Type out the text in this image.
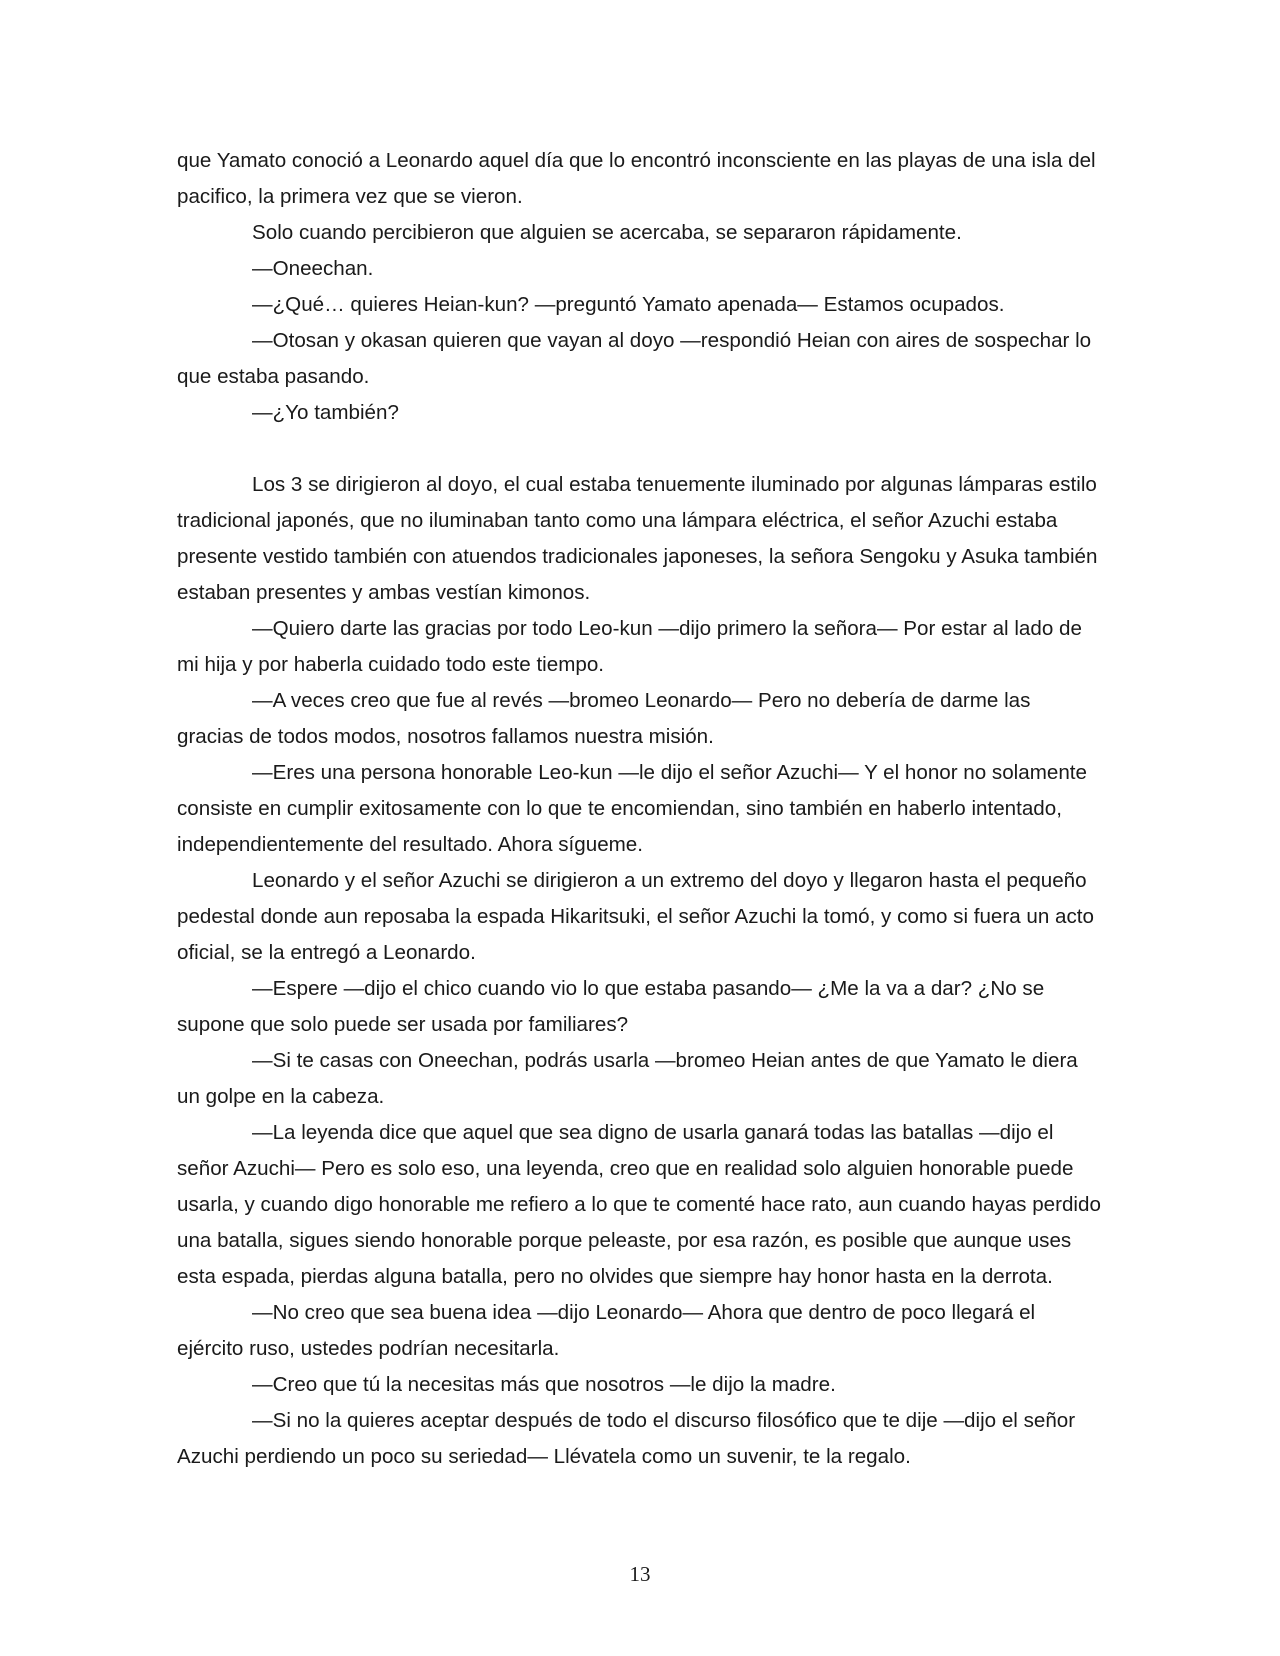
que Yamato conoció a Leonardo aquel día que lo encontró inconsciente en las playas de una isla del pacifico, la primera vez que se vieron.

Solo cuando percibieron que alguien se acercaba, se separaron rápidamente.

—Oneechan.

—¿Qué… quieres Heian-kun? —preguntó Yamato apenada— Estamos ocupados.

—Otosan y okasan quieren que vayan al doyo —respondió Heian con aires de sospechar lo que estaba pasando.

—¿Yo también?

Los 3 se dirigieron al doyo, el cual estaba tenuemente iluminado por algunas lámparas estilo tradicional japonés, que no iluminaban tanto como una lámpara eléctrica, el señor Azuchi estaba presente vestido también con atuendos tradicionales japoneses, la señora Sengoku y Asuka también estaban presentes y ambas vestían kimonos.

—Quiero darte las gracias por todo Leo-kun —dijo primero la señora— Por estar al lado de mi hija y por haberla cuidado todo este tiempo.

—A veces creo que fue al revés —bromeo Leonardo— Pero no debería de darme las gracias de todos modos, nosotros fallamos nuestra misión.

—Eres una persona honorable Leo-kun —le dijo el señor Azuchi— Y el honor no solamente consiste en cumplir exitosamente con lo que te encomiendan, sino también en haberlo intentado, independientemente del resultado. Ahora sígueme.

Leonardo y el señor Azuchi se dirigieron a un extremo del doyo y llegaron hasta el pequeño pedestal donde aun reposaba la espada Hikaritsuki, el señor Azuchi la tomó, y como si fuera un acto oficial, se la entregó a Leonardo.

—Espere —dijo el chico cuando vio lo que estaba pasando— ¿Me la va a dar? ¿No se supone que solo puede ser usada por familiares?

—Si te casas con Oneechan, podrás usarla —bromeo Heian antes de que Yamato le diera un golpe en la cabeza.

—La leyenda dice que aquel que sea digno de usarla ganará todas las batallas —dijo el señor Azuchi— Pero es solo eso, una leyenda, creo que en realidad solo alguien honorable puede usarla, y cuando digo honorable me refiero a lo que te comenté hace rato, aun cuando hayas perdido una batalla, sigues siendo honorable porque peleaste, por esa razón, es posible que aunque uses esta espada, pierdas alguna batalla, pero no olvides que siempre hay honor hasta en la derrota.

—No creo que sea buena idea —dijo Leonardo— Ahora que dentro de poco llegará el ejército ruso, ustedes podrían necesitarla.

—Creo que tú la necesitas más que nosotros —le dijo la madre.

—Si no la quieres aceptar después de todo el discurso filosófico que te dije —dijo el señor Azuchi perdiendo un poco su seriedad— Llévatela como un suvenir, te la regalo.

13
